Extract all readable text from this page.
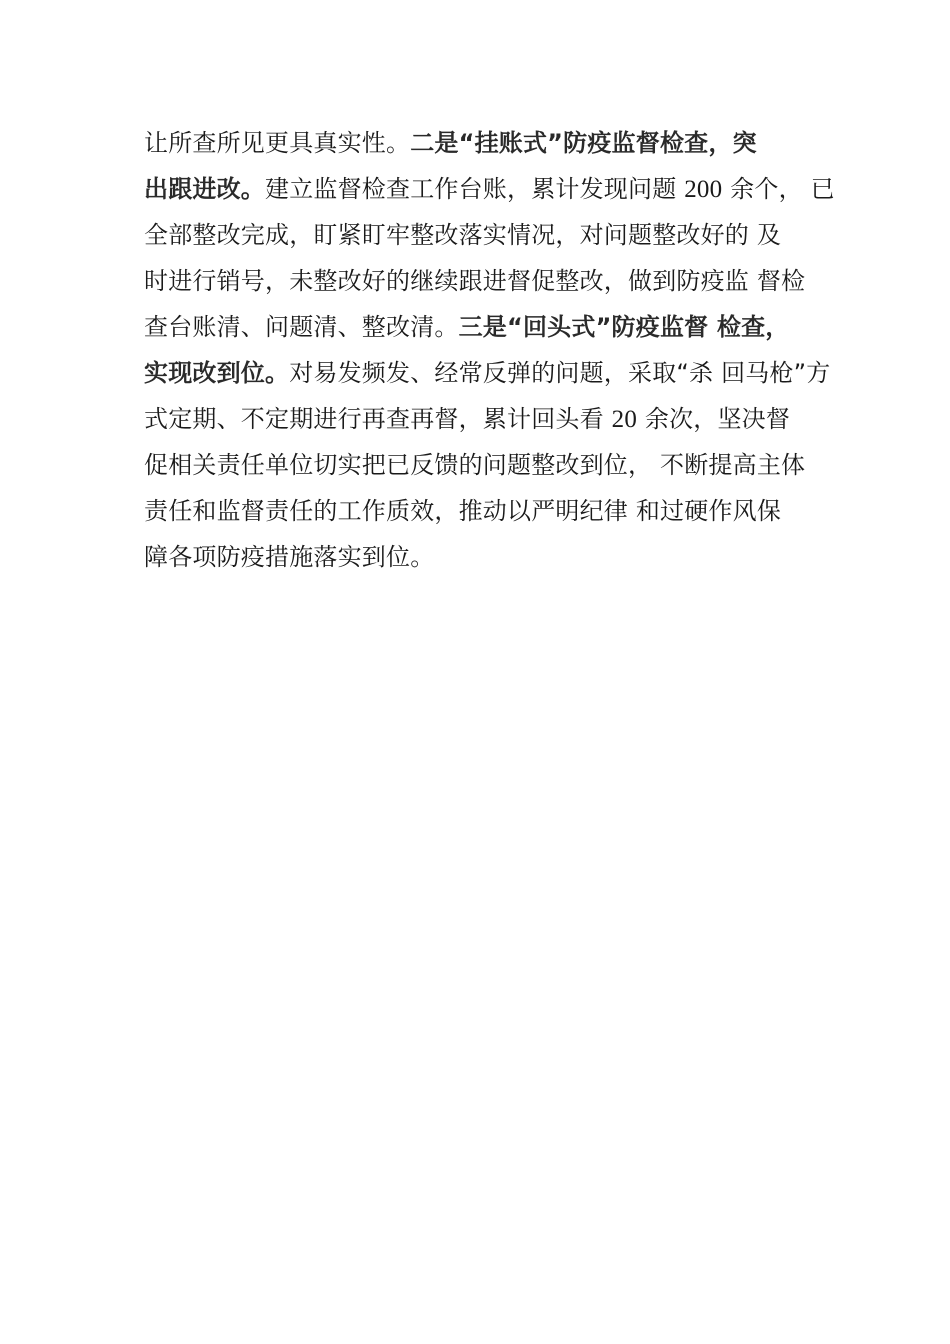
让所查所见更具真实性。二是“挂账式”防疫监督检查，突
出跟进改。建立监督检查工作台账，累计发现问题 200 余个， 已
全部整改完成，盯紧盯牢整改落实情况，对问题整改好的 及
时进行销号，未整改好的继续跟进督促整改，做到防疫监 督检
查台账清、问题清、整改清。三是“回头式”防疫监督 检查，
实现改到位。对易发频发、经常反弹的问题，采取“杀 回马枪”方
式定期、不定期进行再查再督，累计回头看 20 余次，坚决督
促相关责任单位切实把已反馈的问题整改到位， 不断提高主体
责任和监督责任的工作质效，推动以严明纪律 和过硬作风保
障各项防疫措施落实到位。
